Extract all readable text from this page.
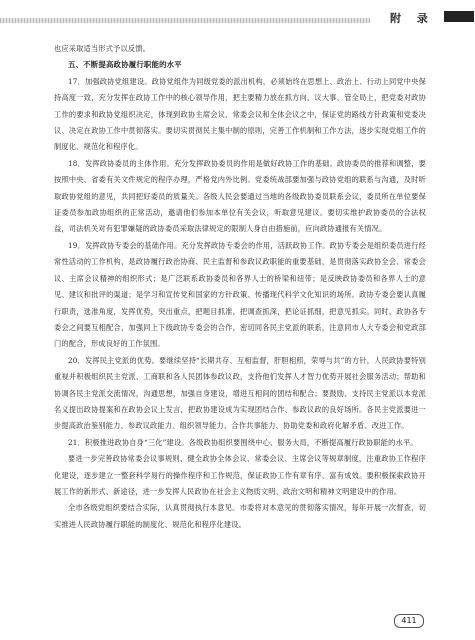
附 录

也应采取适当形式予以反馈。

五、不断提高政协履行职能的水平

17．加强政协党组建设。政协党组作为同级党委的派出机构，必须始终在思想上、政治上、行动上同党中央保持高度一致，充分发挥在政协工作中的核心领导作用，把主要精力放在抓方向、议大事、管全局上，把党委对政协工作的要求和政协党组织决定，体现到政协主席会议、常委会议和全体会议之中，保证党的路线方针政策和党委决议、决定在政协工作中贯彻落实。要切实贯彻民主集中制的原则，完善工作机制和工作方法，逐步实现党组工作的制度化、规范化和程序化。

18．发挥政协委员的主体作用。充分发挥政协委员的作用是做好政协工作的基础。政协委员的推荐和调整，要按照中央、省委有关文件规定的程序办理，严格党内外比例。党委统战部要加强与政协党组的联系与沟通，及时听取政协党组的意见，共同把好委员的质量关。各级人民会要通过当地的各级政协委员联系会议，委员所在单位要保证委员参加政协组织的正常活动，邀请他们参加本单位有关会议，听取意见建议。要切实维护政协委员的合法权益，司法机关对有犯罪嫌疑的政协委员采取法律规定的限制人身自由措施前，应向政协通报有关情况。

19．发挥政协专委会的基础作用。充分发挥政协专委会的作用，活跃政协工作。政协专委会是组织委员进行经常性活动的工作机构，是政协履行政治协商、民主监督和参政议政职能的重要基础，是贯彻落实政协全会、常委会议、主席会议精神的组织形式；是广泛联系政协委员和各界人士的桥梁和纽带；是反映政协委员和各界人士的意见、建议和批评的渠道；是学习和宣传党和国家的方针政策、传播现代科学文化知识的场所。政协专委会要认真履行职责，选准角度，发挥优势，突出重点，把题目抓准，把调查抓深，把论证抓细，把意见抓实。同时，政协各专委会之间要互相配合，加强同上下级政协专委会的合作，密切同各民主党派的联系，注意同市人大专委会和党政部门的配合，形成良好的工作氛围。

20．发挥民主党派的优势。要继续坚持“长期共存、互相监督，肝胆相照，荣辱与共”的方针，人民政协要特别重视并积极组织民主党派、工商联和各人民团体参政议政，支持他们发挥人才智力优势开展社会服务活动；帮助和协调各民主党派交流情况，沟通思想，加强自身建设，增进互相间的团结和配合；要鼓励、支持民主党派以本党派名义提出政协提案和在政协会议上发言，把政协建设成为实现团结合作、参政议政的良好场所。各民主党派要进一步提高政治鉴别能力、参政议政能力、组织领导能力、合作共事能力、协助党委和政府化解矛盾、改进工作。

21．积极推进政协自身“三化”建设。各级政协组织要围绕中心、服务大局，不断提高履行政协职能的水平。

要进一步完善政协常委会议事规则、健全政协全体会议、常委会议、主席会议等规章制度，注重政协工作程序化建设，逐步建立一整套科学易行的操作程序和工作规范，保证政协工作有章有序、富有成效。要积极探索政协开展工作的新形式、新途径，进一步发挥人民政协在社会主义物质文明、政治文明和精神文明建设中的作用。

全市各级党组织要结合实际，认真贯彻执行本意见。市委将对本意见的贯彻落实情况，每年开展一次督查，切实推进人民政协履行职能的制度化、规范化和程序化建设。

411
